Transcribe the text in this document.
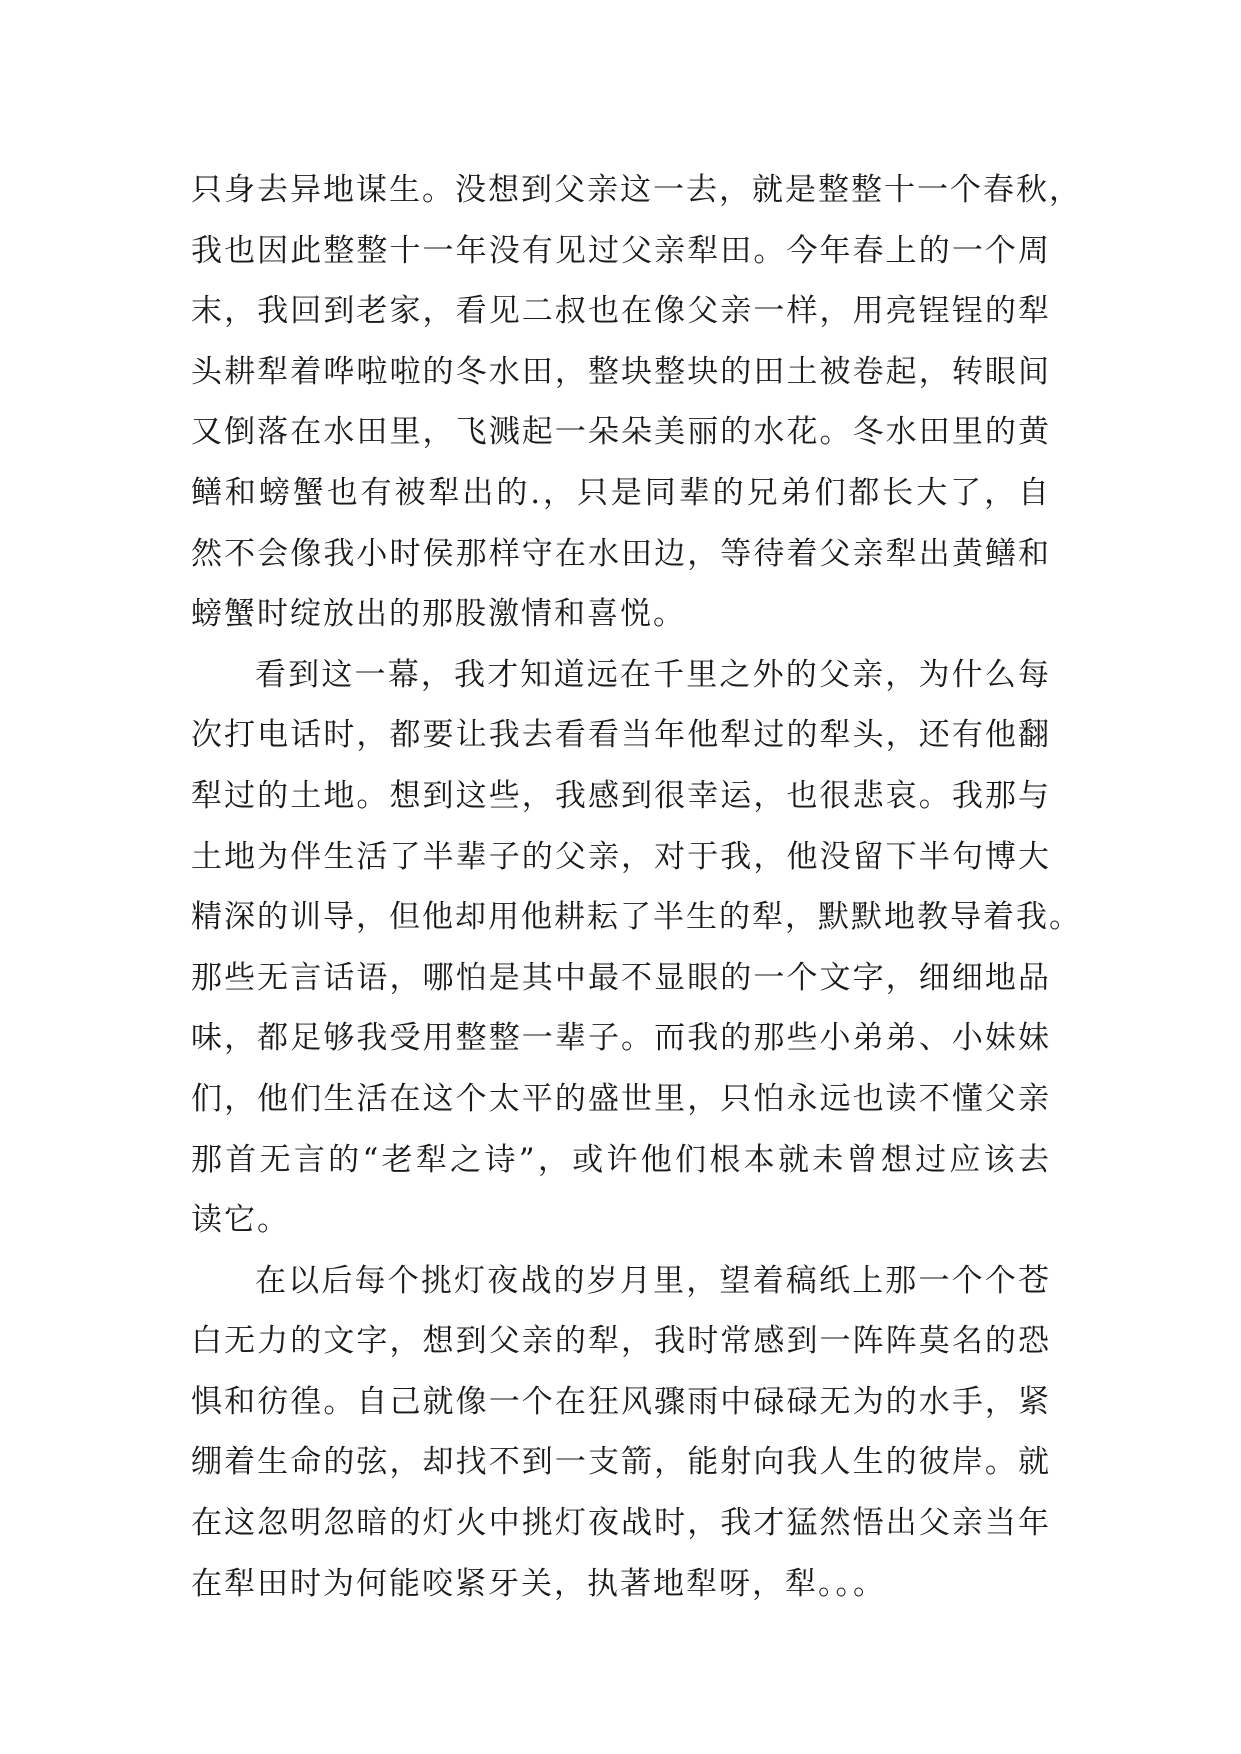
只身去异地谋生。没想到父亲这一去，就是整整十一个春秋，
我也因此整整十一年没有见过父亲犁田。今年春上的一个周
末，我回到老家，看见二叔也在像父亲一样，用亮锃锃的犁
头耕犁着哗啦啦的冬水田，整块整块的田土被卷起，转眼间
又倒落在水田里，飞溅起一朵朵美丽的水花。冬水田里的黄
鳝和螃蟹也有被犁出的.，只是同辈的兄弟们都长大了，自
然不会像我小时侯那样守在水田边，等待着父亲犁出黄鳝和
螃蟹时绽放出的那股激情和喜悦。
看到这一幕，我才知道远在千里之外的父亲，为什么每
次打电话时，都要让我去看看当年他犁过的犁头，还有他翻
犁过的土地。想到这些，我感到很幸运，也很悲哀。我那与
土地为伴生活了半辈子的父亲，对于我，他没留下半句博大
精深的训导，但他却用他耕耘了半生的犁，默默地教导着我。
那些无言话语，哪怕是其中最不显眼的一个文字，细细地品
味，都足够我受用整整一辈子。而我的那些小弟弟、小妹妹
们，他们生活在这个太平的盛世里，只怕永远也读不懂父亲
那首无言的“老犁之诗”，或许他们根本就未曾想过应该去
读它。
在以后每个挑灯夜战的岁月里，望着稿纸上那一个个苍
白无力的文字，想到父亲的犁，我时常感到一阵阵莫名的恐
惧和彷徨。自己就像一个在狂风骤雨中碌碌无为的水手，紧
绷着生命的弦，却找不到一支箭，能射向我人生的彼岸。就
在这忽明忽暗的灯火中挑灯夜战时，我才猛然悟出父亲当年
在犁田时为何能咬紧牙关，执著地犁呀，犁。。。
